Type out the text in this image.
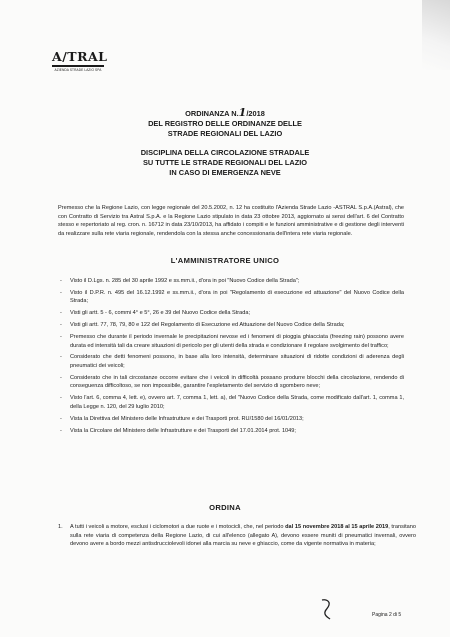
A/TRAL
AZIENDA STRADE LAZIO SPA
ORDINANZA N.1/2018
DEL REGISTRO DELLE ORDINANZE DELLE
STRADE REGIONALI DEL LAZIO
DISCIPLINA DELLA CIRCOLAZIONE STRADALE
SU TUTTE LE STRADE REGIONALI DEL LAZIO
IN CASO DI EMERGENZA NEVE
Premesso che la Regione Lazio, con legge regionale del 20.5.2002, n. 12 ha costituito l'Azienda Strade Lazio -ASTRAL S.p.A.(Astral), che con Contratto di Servizio tra Astral S.p.A. e la Regione Lazio stipulato in data 23 ottobre 2013, aggiornato ai sensi dell'art. 6 del Contratto stesso e repertoriato al reg. cron. n. 16712 in data 23/10/2013, ha affidato i compiti e le funzioni amministrative e di gestione degli interventi da realizzare sulla rete viaria regionale, rendendola con la stessa anche concessionaria dell'intera rete viaria regionale.
L'AMMINISTRATORE UNICO
- Visto il D.Lgs. n. 285 del 30 aprile 1992 e ss.mm.ii., d'ora in poi "Nuovo Codice della Strada";
- Visto il D.P.R. n. 495 del 16.12.1992 e ss.mm.ii., d'ora in poi "Regolamento di esecuzione ed attuazione" del Nuovo Codice della Strada;
- Visti gli artt. 5 - 6, commi 4° e 5°, 26 e 39 del Nuovo Codice della Strada;
- Visti gli artt. 77, 78, 79, 80 e 122 del Regolamento di Esecuzione ed Attuazione del Nuovo Codice della Strada;
- Premesso che durante il periodo invernale le precipitazioni nevose ed i fenomeni di pioggia ghiacciata (freezing rain) possono avere durata ed intensità tali da creare situazioni di pericolo per gli utenti della strada e condizionare il regolare svolgimento del traffico;
- Considerato che detti fenomeni possono, in base alla loro intensità, determinare situazioni di ridotte condizioni di aderenza degli pneumatici dei veicoli;
- Considerato che in tali circostanze occorre evitare che i veicoli in difficoltà possano produrre blocchi della circolazione, rendendo di conseguenza difficoltoso, se non impossibile, garantire l'espletamento del servizio di sgombero neve;
- Visto l'art. 6, comma 4, lett. e), ovvero art. 7, comma 1, lett. a), del "Nuovo Codice della Strada, come modificato dall'art. 1, comma 1, della Legge n. 120, del 29 luglio 2010;
- Vista la Direttiva del Ministero delle Infrastrutture e dei Trasporti prot. RU/1580 del 16/01/2013;
- Vista la Circolare del Ministero delle Infrastrutture e dei Trasporti del 17.01.2014 prot. 1049;
ORDINA
1. A tutti i veicoli a motore, esclusi i ciclomotori a due ruote e i motocicli, che, nel periodo dal 15 novembre 2018 al 15 aprile 2019, transitano sulla rete viaria di competenza della Regione Lazio, di cui all'elenco (allegato A), devono essere muniti di pneumatici invernali, ovvero devono avere a bordo mezzi antisdrucciolevoli idonei alla marcia su neve e ghiaccio, come da vigente normativa in materia;
Pagina 2 di 5
